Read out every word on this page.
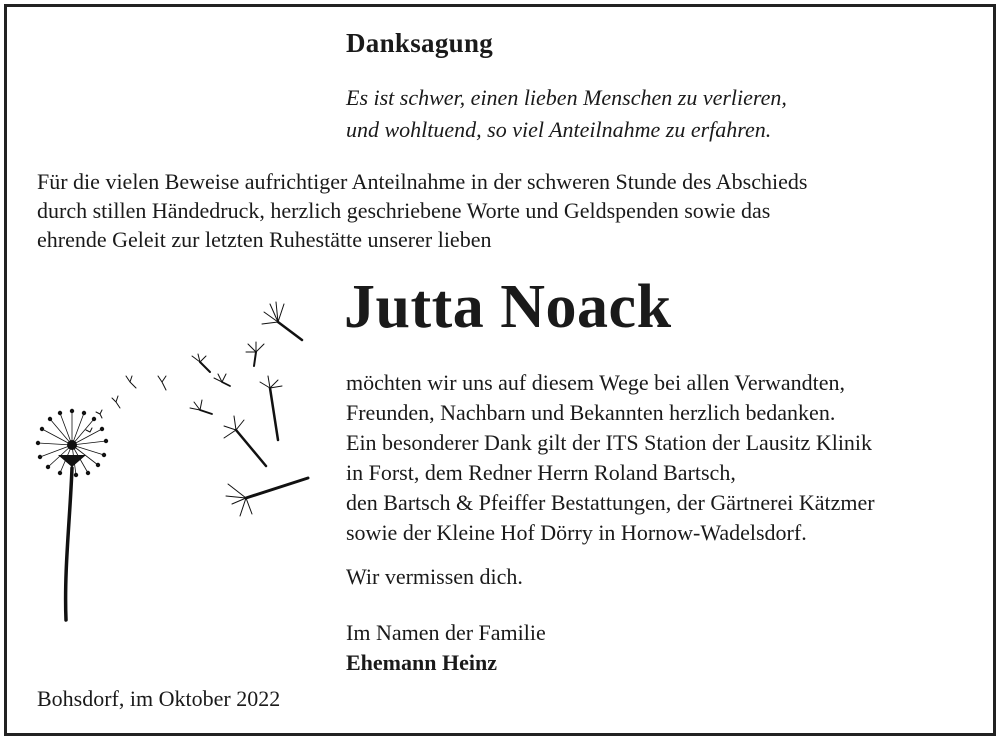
Danksagung
Es ist schwer, einen lieben Menschen zu verlieren,
und wohltuend, so viel Anteilnahme zu erfahren.
Für die vielen Beweise aufrichtiger Anteilnahme in der schweren Stunde des Abschieds
durch stillen Händedruck, herzlich geschriebene Worte und Geldspenden sowie das
ehrende Geleit zur letzten Ruhestätte unserer lieben
Jutta Noack
möchten wir uns auf diesem Wege bei allen Verwandten,
Freunden, Nachbarn und Bekannten herzlich bedanken.
Ein besonderer Dank gilt der ITS Station der Lausitz Klinik
in Forst, dem Redner Herrn Roland Bartsch,
den Bartsch & Pfeiffer Bestattungen, der Gärtnerei Kätzmer
sowie der Kleine Hof Dörry in Hornow-Wadelsdorf.
Wir vermissen dich.
Im Namen der Familie
Ehemann Heinz
Bohsdorf, im Oktober 2022
